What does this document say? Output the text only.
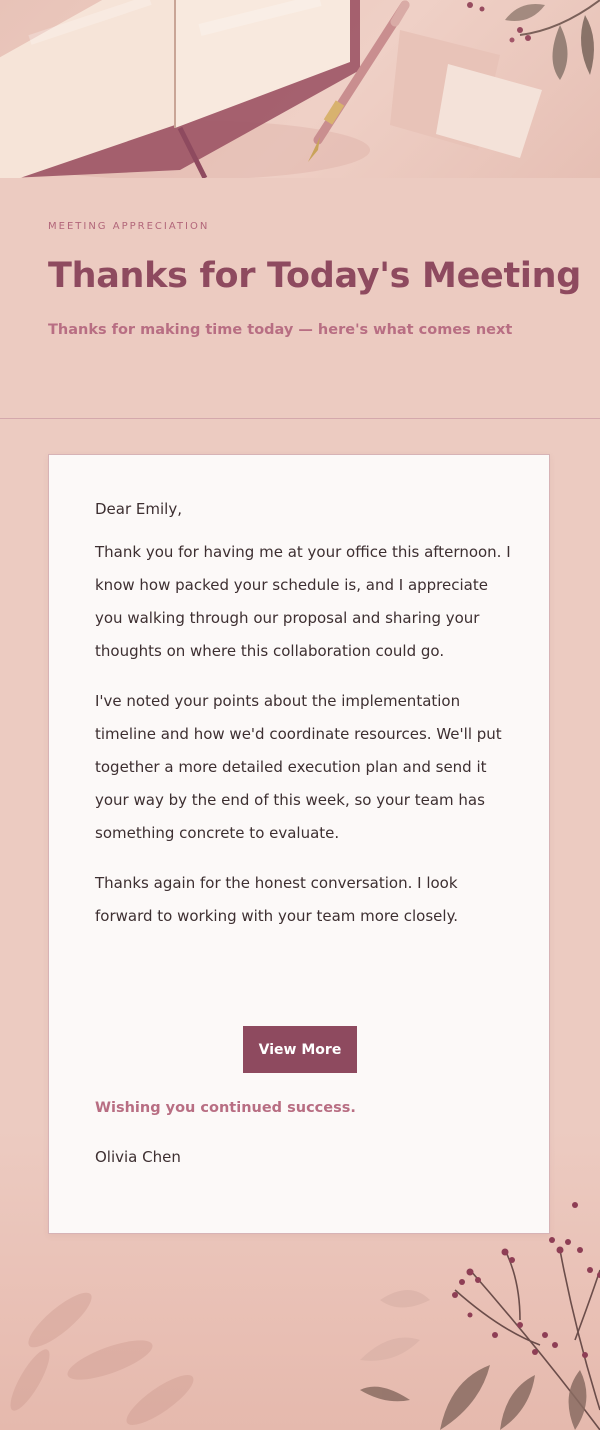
MEETING APPRECIATION
Thanks for Today's Meeting
Thanks for making time today — here's what comes next

Dear Emily,

Thank you for having me at your office this afternoon. I know how packed your schedule is, and I appreciate you walking through our proposal and sharing your thoughts on where this collaboration could go.

I've noted your points about the implementation timeline and how we'd coordinate resources. We'll put together a more detailed execution plan and send it your way by the end of this week, so your team has something concrete to evaluate.

Thanks again for the honest conversation. I look forward to working with your team more closely.

View More
Wishing you continued success.
Olivia Chen
